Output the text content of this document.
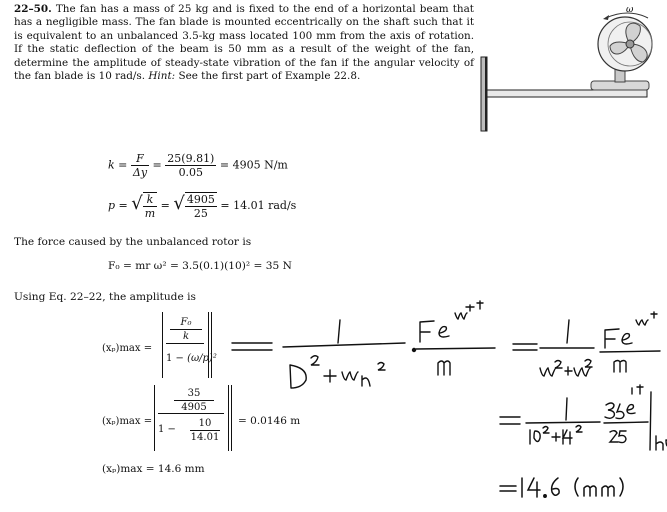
22–50. The fan has a mass of 25 kg and is fixed to the end of a horizontal beam that has a negligible mass. The fan blade is mounted eccentrically on the shaft such that it is equivalent to an unbalanced 3.5-kg mass located 100 mm from the axis of rotation. If the static deflection of the beam is 50 mm as a result of the weight of the fan, determine the amplitude of steady-state vibration of the fan if the angular velocity of the fan blade is 10 rad/s. Hint: See the first part of Example 22.8.
ω
$k = \frac{F}{\Delta y} = \frac{25(9.81)}{0.05} = 4905$ N/m
p = √ $\frac{k}{m}$ = √ $\frac{4905}{25} = 14.01$ rad/s
The force caused by the unbalanced rotor is
F₀ = mr ω² = 3.5(0.1)(10)² = 35 N
Using Eq. 22–22, the amplitude is
(xₚ)max =
F₀
k
1 − (ω/p)²
(xₚ)max =
35
4905
1 −
10
14.01
= 0.0146 m
(xₚ)max = 14.6 mm
